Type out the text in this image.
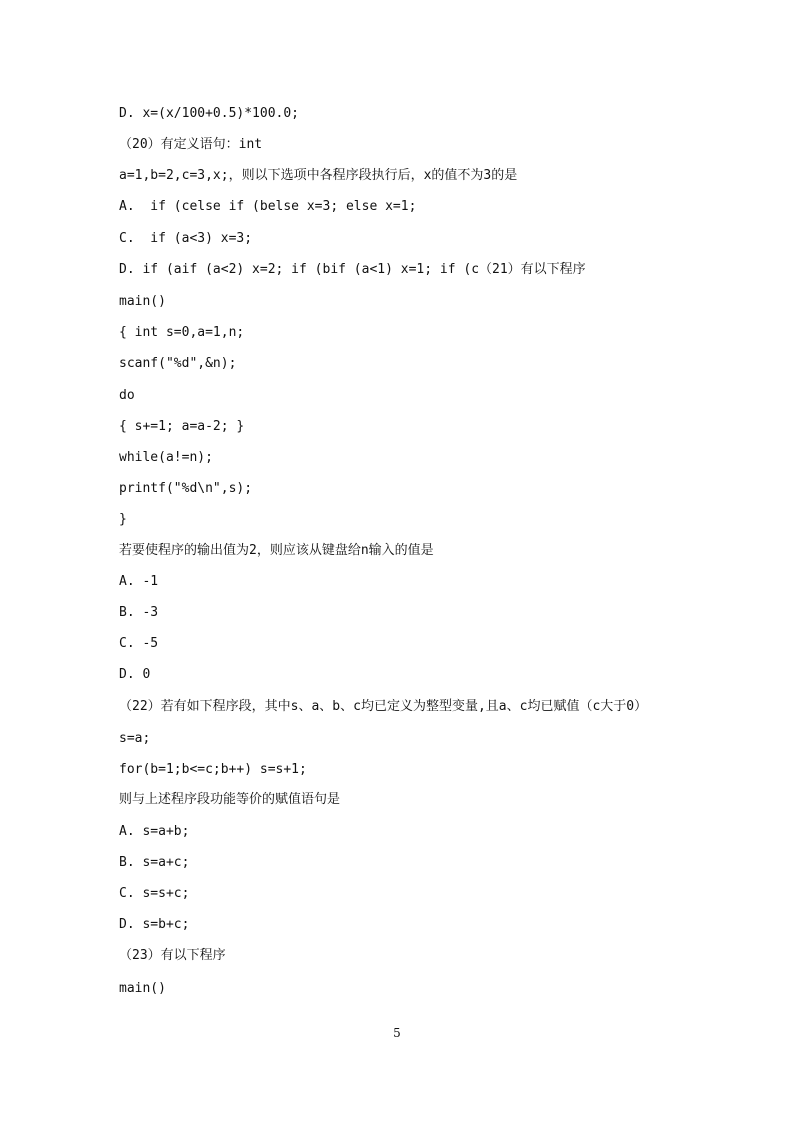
D. x=(x/100+0.5)*100.0;
（20）有定义语句：int
a=1,b=2,c=3,x;，则以下选项中各程序段执行后，x的值不为3的是
A.  if (celse if (belse x=3; else x=1;
C.  if (a<3) x=3;
D. if (aif (a<2) x=2; if (bif (a<1) x=1; if (c（21）有以下程序
main()
{ int s=0,a=1,n;
scanf("%d",&n);
do
{ s+=1; a=a-2; }
while(a!=n);
printf("%d\n",s);
}
若要使程序的输出值为2，则应该从键盘给n输入的值是
A. -1
B. -3
C. -5
D. 0
（22）若有如下程序段，其中s、a、b、c均已定义为整型变量,且a、c均已赋值（c大于0）
s=a;
for(b=1;b<=c;b++) s=s+1;
则与上述程序段功能等价的赋值语句是
A. s=a+b;
B. s=a+c;
C. s=s+c;
D. s=b+c;
（23）有以下程序
main()
5
